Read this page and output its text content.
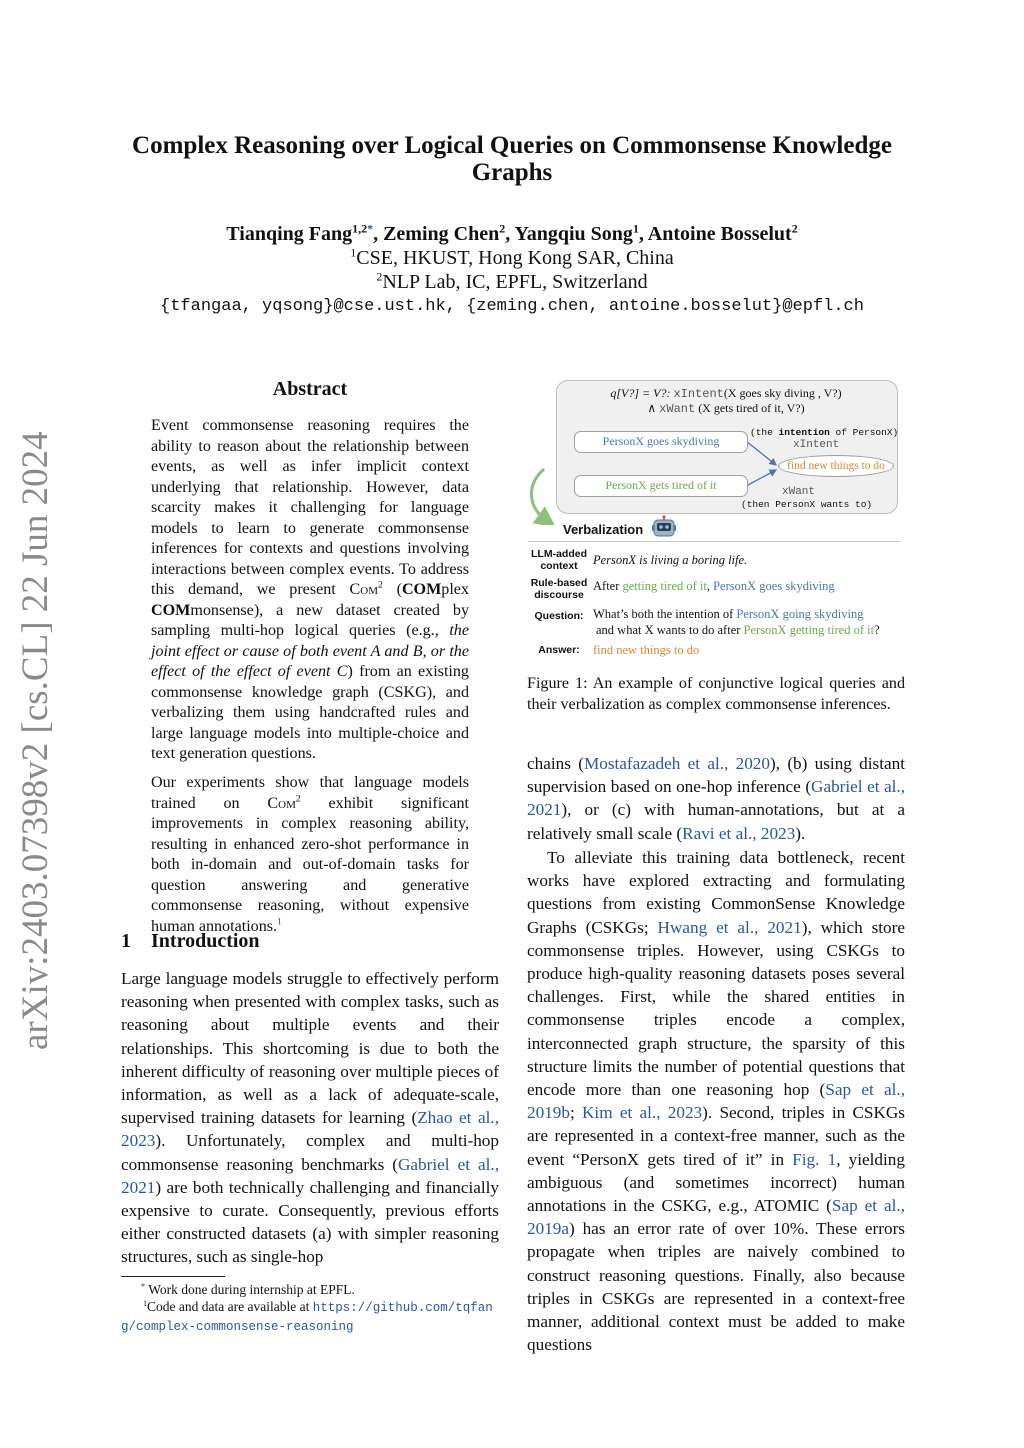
arXiv:2403.07398v2 [cs.CL] 22 Jun 2024
Complex Reasoning over Logical Queries on Commonsense Knowledge Graphs
Tianqing Fang$^{1,2*}$, Zeming Chen$^2$, Yangqiu Song$^1$, Antoine Bosselut$^2$
$^1$CSE, HKUST, Hong Kong SAR, China
$^2$NLP Lab, IC, EPFL, Switzerland
{tfangaa, yqsong}@cse.ust.hk, {zeming.chen, antoine.bosselut}@epfl.ch
Abstract
Event commonsense reasoning requires the ability to reason about the relationship between events, as well as infer implicit context underlying that relationship. However, data scarcity makes it challenging for language models to learn to generate commonsense inferences for contexts and questions involving interactions between complex events. To address this demand, we present Com$^2$ (COMplex COMmonsense), a new dataset created by sampling multi-hop logical queries (e.g., the joint effect or cause of both event A and B, or the effect of the effect of event C) from an existing commonsense knowledge graph (CSKG), and verbalizing them using handcrafted rules and large language models into multiple-choice and text generation questions.
Our experiments show that language models trained on Com$^2$ exhibit significant improvements in complex reasoning ability, resulting in enhanced zero-shot performance in both in-domain and out-of-domain tasks for question answering and generative commonsense reasoning, without expensive human annotations.$^1$
1    Introduction
Large language models struggle to effectively perform reasoning when presented with complex tasks, such as reasoning about multiple events and their relationships. This shortcoming is due to both the inherent difficulty of reasoning over multiple pieces of information, as well as a lack of adequate-scale, supervised training datasets for learning (Zhao et al., 2023). Unfortunately, complex and multi-hop commonsense reasoning benchmarks (Gabriel et al., 2021) are both technically challenging and financially expensive to curate. Consequently, previous efforts either constructed datasets (a) with simpler reasoning structures, such as single-hop
* Work done during internship at EPFL.
$^1$Code and data are available at https://github.com/tqfang/complex-commonsense-reasoning
chains (Mostafazadeh et al., 2020), (b) using distant supervision based on one-hop inference (Gabriel et al., 2021), or (c) with human-annotations, but at a relatively small scale (Ravi et al., 2023).
To alleviate this training data bottleneck, recent works have explored extracting and formulating questions from existing CommonSense Knowledge Graphs (CSKGs; Hwang et al., 2021), which store commonsense triples. However, using CSKGs to produce high-quality reasoning datasets poses several challenges. First, while the shared entities in commonsense triples encode a complex, interconnected graph structure, the sparsity of this structure limits the number of potential questions that encode more than one reasoning hop (Sap et al., 2019b; Kim et al., 2023). Second, triples in CSKGs are represented in a context-free manner, such as the event “PersonX gets tired of it” in Fig. 1, yielding ambiguous (and sometimes incorrect) human annotations in the CSKG, e.g., ATOMIC (Sap et al., 2019a) has an error rate of over 10%. These errors propagate when triples are naively combined to construct reasoning questions. Finally, also because triples in CSKGs are represented in a context-free manner, additional context must be added to make questions
q[V?] = V?: xIntent(X goes sky diving , V?)
∧ xWant (X gets tired of it, V?)
PersonX goes skydiving
PersonX gets tired of it
find new things to do
(the intention of PersonX)
xIntent
xWant
(then PersonX wants to)
Verbalization
LLM-added context	PersonX is living a boring life.
Rule-based discourse
After getting tired of it, PersonX goes skydiving
Question: What’s both the intention of PersonX going skydiving
and what X wants to do after PersonX getting tired of it?
Answer:	find new things to do
Figure 1: An example of conjunctive logical queries and their verbalization as complex commonsense inferences.
